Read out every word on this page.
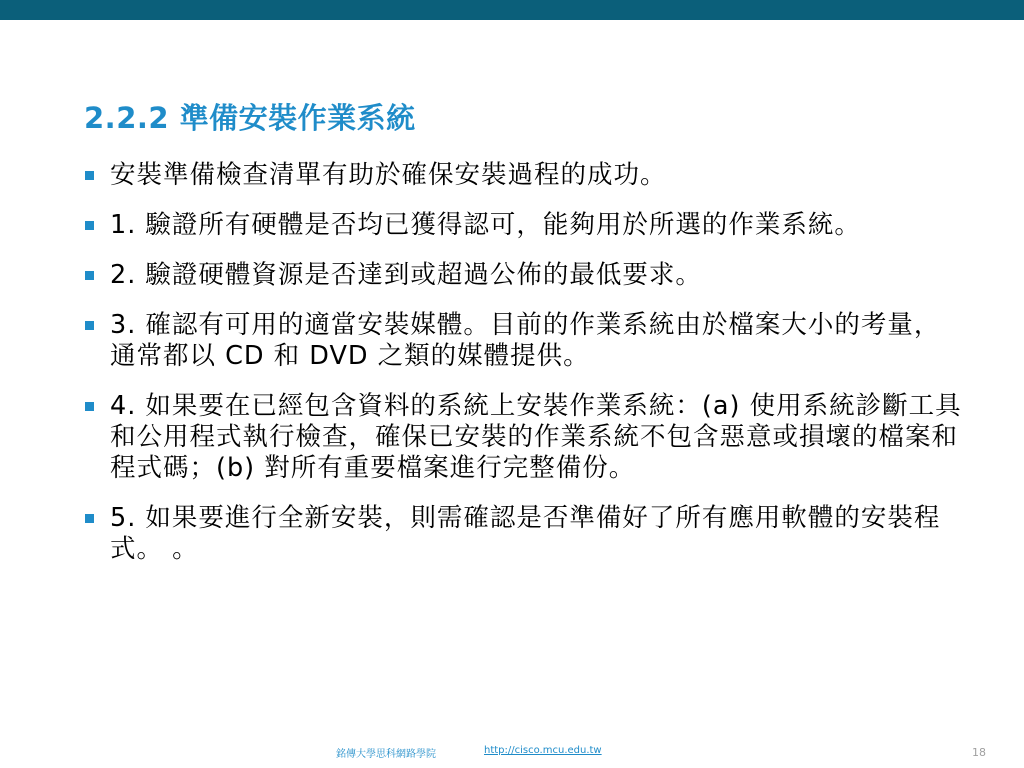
2.2.2 準備安裝作業系統
安裝準備檢查清單有助於確保安裝過程的成功。
1. 驗證所有硬體是否均已獲得認可，能夠用於所選的作業系統。
2. 驗證硬體資源是否達到或超過公佈的最低要求。
3. 確認有可用的適當安裝媒體。目前的作業系統由於檔案大小的考量，通常都以 CD 和 DVD 之類的媒體提供。
4. 如果要在已經包含資料的系統上安裝作業系統：(a) 使用系統診斷工具和公用程式執行檢查，確保已安裝的作業系統不包含惡意或損壞的檔案和程式碼；(b) 對所有重要檔案進行完整備份。
5. 如果要進行全新安裝，則需確認是否準備好了所有應用軟體的安裝程式。 。
銘傳大學思科網路學院	http://cisco.mcu.edu.tw	18
